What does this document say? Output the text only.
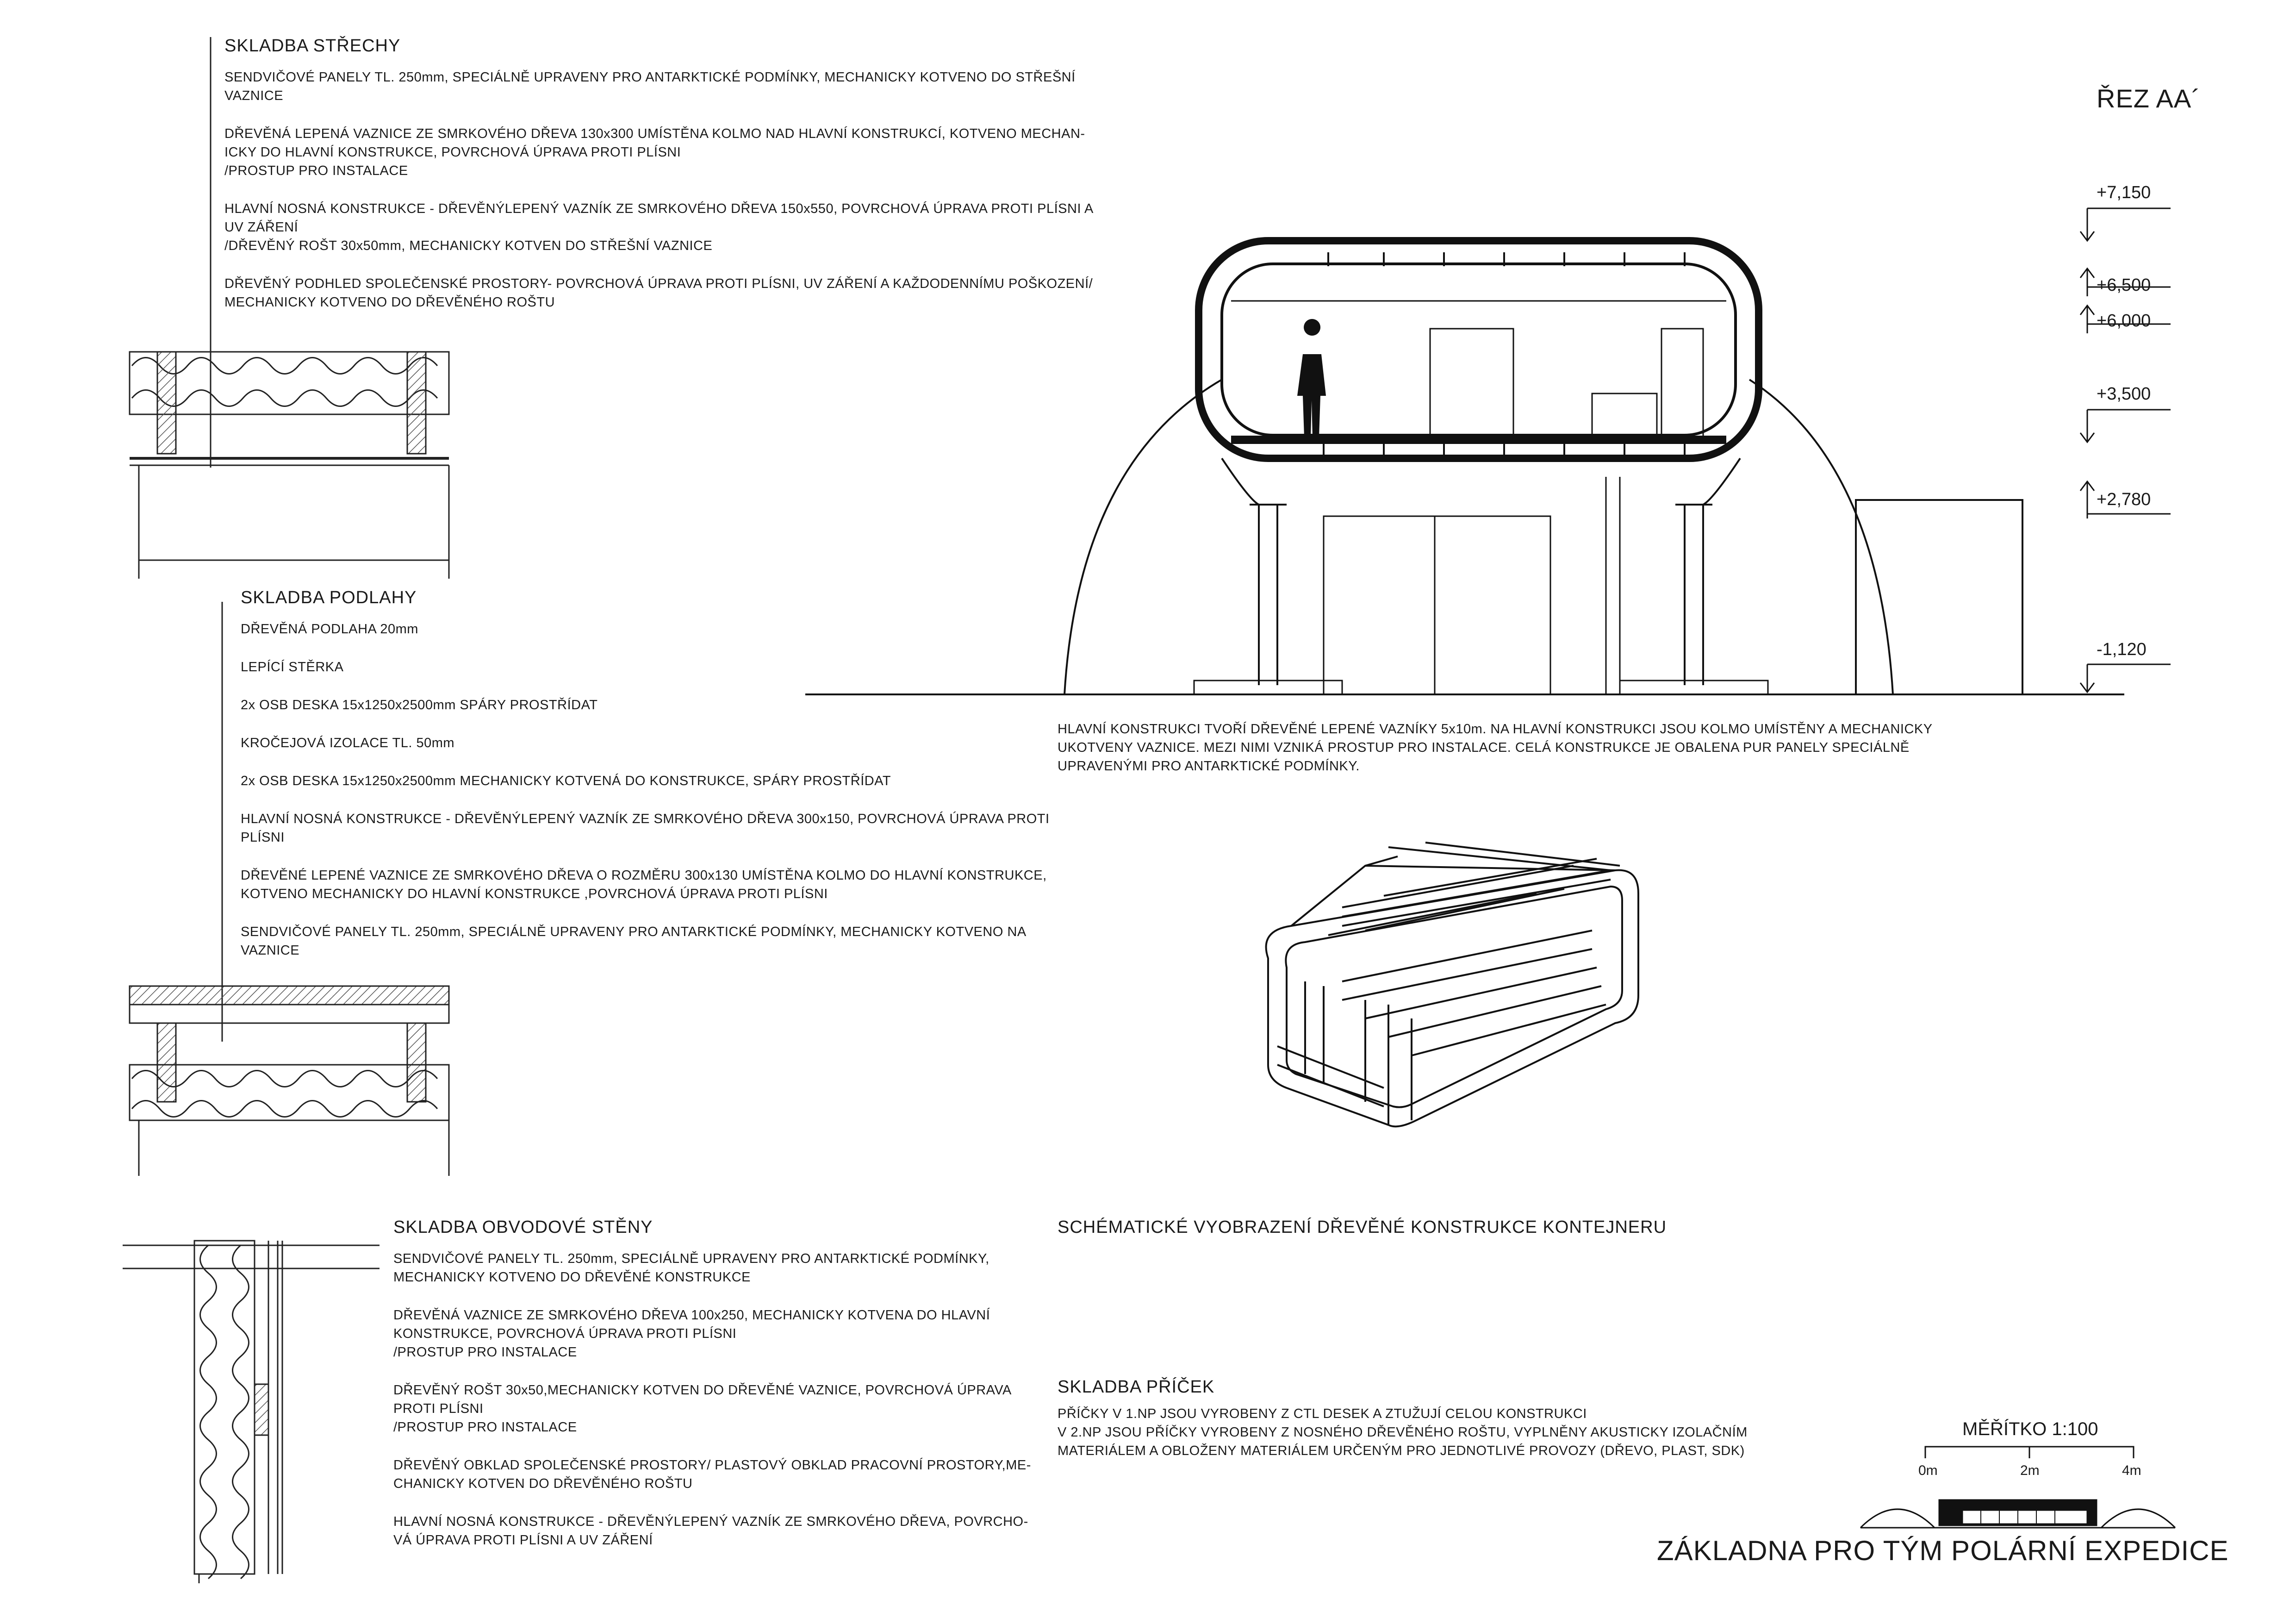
SKLADBA STŘECHY

SENDVIČOVÉ PANELY TL. 250mm, SPECIÁLNĚ UPRAVENY PRO ANTARKTICKÉ PODMÍNKY, MECHANICKY KOTVENO DO STŘEŠNÍ
VAZNICE

DŘEVĚNÁ LEPENÁ VAZNICE ZE SMRKOVÉHO DŘEVA 130x300 UMÍSTĚNA KOLMO NAD HLAVNÍ KONSTRUKCÍ, KOTVENO MECHAN-
ICKY DO HLAVNÍ KONSTRUKCE, POVRCHOVÁ ÚPRAVA PROTI PLÍSNI
/PROSTUP PRO INSTALACE

HLAVNÍ NOSNÁ KONSTRUKCE - DŘEVĚNÝLEPENÝ VAZNÍK ZE SMRKOVÉHO DŘEVA 150x550, POVRCHOVÁ ÚPRAVA PROTI PLÍSNI A
UV ZÁŘENÍ
/DŘEVĚNÝ ROŠT 30x50mm, MECHANICKY KOTVEN DO STŘEŠNÍ VAZNICE

DŘEVĚNÝ PODHLED SPOLEČENSKÉ PROSTORY- POVRCHOVÁ ÚPRAVA PROTI PLÍSNI, UV ZÁŘENÍ A KAŽDODENNÍMU POŠKOZENÍ/
MECHANICKY KOTVENO DO DŘEVĚNÉHO ROŠTU

SKLADBA PODLAHY

DŘEVĚNÁ PODLAHA 20mm

LEPÍCÍ STĚRKA

2x OSB DESKA 15x1250x2500mm SPÁRY PROSTŘÍDAT

KROČEJOVÁ IZOLACE TL. 50mm

2x OSB DESKA 15x1250x2500mm MECHANICKY KOTVENÁ DO KONSTRUKCE, SPÁRY PROSTŘÍDAT

HLAVNÍ NOSNÁ KONSTRUKCE - DŘEVĚNÝLEPENÝ VAZNÍK ZE SMRKOVÉHO DŘEVA 300x150, POVRCHOVÁ ÚPRAVA PROTI
PLÍSNI

DŘEVĚNÉ LEPENÉ VAZNICE ZE SMRKOVÉHO DŘEVA O ROZMĚRU 300x130 UMÍSTĚNA KOLMO DO HLAVNÍ KONSTRUKCE,
KOTVENO MECHANICKY DO HLAVNÍ KONSTRUKCE ,POVRCHOVÁ ÚPRAVA PROTI PLÍSNI

SENDVIČOVÉ PANELY TL. 250mm, SPECIÁLNĚ UPRAVENY PRO ANTARKTICKÉ PODMÍNKY, MECHANICKY KOTVENO NA
VAZNICE

SKLADBA OBVODOVÉ STĚNY

SENDVIČOVÉ PANELY TL. 250mm, SPECIÁLNĚ UPRAVENY PRO ANTARKTICKÉ PODMÍNKY,
MECHANICKY KOTVENO DO DŘEVĚNÉ KONSTRUKCE

DŘEVĚNÁ VAZNICE ZE SMRKOVÉHO DŘEVA 100x250, MECHANICKY KOTVENA DO HLAVNÍ
KONSTRUKCE, POVRCHOVÁ ÚPRAVA PROTI PLÍSNI
/PROSTUP PRO INSTALACE

DŘEVĚNÝ ROŠT 30x50,MECHANICKY KOTVEN DO DŘEVĚNÉ VAZNICE, POVRCHOVÁ ÚPRAVA
PROTI PLÍSNI
/PROSTUP PRO INSTALACE

DŘEVĚNÝ OBKLAD SPOLEČENSKÉ PROSTORY/ PLASTOVÝ OBKLAD PRACOVNÍ PROSTORY,ME-
CHANICKY KOTVEN DO DŘEVĚNÉHO ROŠTU

HLAVNÍ NOSNÁ KONSTRUKCE - DŘEVĚNÝLEPENÝ VAZNÍK ZE SMRKOVÉHO DŘEVA, POVRCHO-
VÁ ÚPRAVA PROTI PLÍSNI A UV ZÁŘENÍ

ŘEZ AA´
+7,150
+6,500
+6,000
+3,500
+2,780
-1,120

HLAVNÍ KONSTRUKCI TVOŘÍ DŘEVĚNÉ LEPENÉ VAZNÍKY 5x10m. NA HLAVNÍ KONSTRUKCI JSOU KOLMO UMÍSTĚNY A MECHANICKY
UKOTVENY VAZNICE. MEZI NIMI VZNIKÁ PROSTUP PRO INSTALACE. CELÁ KONSTRUKCE JE OBALENA PUR PANELY SPECIÁLNĚ
UPRAVENÝMI PRO ANTARKTICKÉ PODMÍNKY.

SCHÉMATICKÉ VYOBRAZENÍ DŘEVĚNÉ KONSTRUKCE KONTEJNERU
SKLADBA PŘÍČEK

PŘÍČKY V 1.NP JSOU VYROBENY Z CTL DESEK A ZTUŽUJÍ CELOU KONSTRUKCI
V 2.NP JSOU PŘÍČKY VYROBENY Z NOSNÉHO DŘEVĚNÉHO ROŠTU, VYPLNĚNY AKUSTICKY IZOLAČNÍM
MATERIÁLEM A OBLOŽENY MATERIÁLEM URČENÝM PRO JEDNOTLIVÉ PROVOZY (DŘEVO, PLAST, SDK)

MĚŘÍTKO 1:100
0m	2m	4m
ZÁKLADNA PRO TÝM POLÁRNÍ EXPEDICE
